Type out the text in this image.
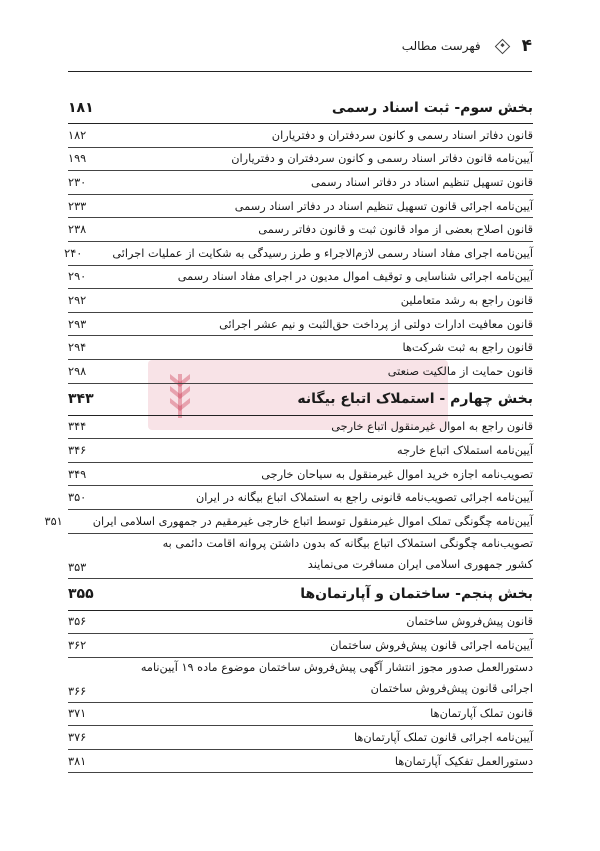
۴
فهرست مطالب
بخش سوم- ثبت اسناد رسمی
۱۸۱
قانون دفاتر اسناد رسمی و کانون سردفتران و دفتریاران
۱۸۲
آیین‌نامه قانون دفاتر اسناد رسمی و کانون سردفتران و دفتریاران
۱۹۹
قانون تسهیل تنظیم اسناد در دفاتر اسناد رسمی
۲۳۰
آیین‌نامه اجرائی قانون تسهیل تنظیم اسناد در دفاتر اسناد رسمی
۲۳۳
قانون اصلاح بعضی از مواد قانون ثبت و قانون دفاتر رسمی
۲۳۸
آیین‌نامه اجرای مفاد اسناد رسمی لازم‌الاجراء و طرز رسیدگی به شکایت از عملیات اجرائی
۲۴۰
آیین‌نامه اجرائی شناسایی و توقیف اموال مدیون در اجرای مفاد اسناد رسمی
۲۹۰
قانون راجع به رشد متعاملین
۲۹۲
قانون معافیت ادارات دولتی از پرداخت حق‌الثبت و نیم عشر اجرائی
۲۹۳
قانون راجع به ثبت شرکت‌ها
۲۹۴
قانون حمایت از مالکیت صنعتی
۲۹۸
بخش چهارم - استملاک اتباع بیگانه
۳۴۳
قانون راجع به اموال غیرمنقول اتباع خارجی
۳۴۴
آیین‌نامه استملاک اتباع خارجه
۳۴۶
تصویب‌نامه اجازه خرید اموال غیرمنقول به سیاحان خارجی
۳۴۹
آیین‌نامه اجرائی تصویب‌نامه قانونی راجع به استملاک اتباع بیگانه در ایران
۳۵۰
آیین‌نامه چگونگی تملک اموال غیرمنقول توسط اتباع خارجی غیرمقیم در جمهوری اسلامی ایران
۳۵۱
تصویب‌نامه چگونگی استملاک اتباع بیگانه که بدون داشتن پروانه اقامت دائمی به کشور جمهوری اسلامی ایران مسافرت می‌نمایند
۳۵۳
بخش پنجم- ساختمان و آپارتمان‌ها
۳۵۵
قانون پیش‌فروش ساختمان
۳۵۶
آیین‌نامه اجرائی قانون پیش‌فروش ساختمان
۳۶۲
دستورالعمل صدور مجوز انتشار آگهی پیش‌فروش ساختمان موضوع ماده ۱۹ آیین‌نامه اجرائی قانون پیش‌فروش ساختمان
۳۶۶
قانون تملک آپارتمان‌ها
۳۷۱
آیین‌نامه اجرائی قانون تملک آپارتمان‌ها
۳۷۶
دستورالعمل تفکیک آپارتمان‌ها
۳۸۱
